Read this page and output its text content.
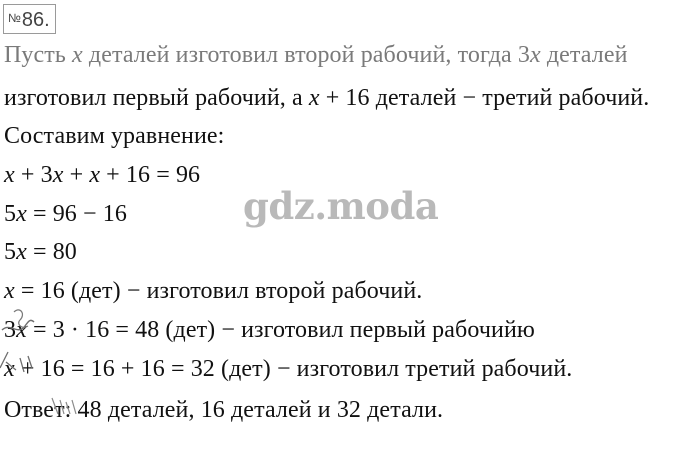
№86.
Пусть x деталей изготовил второй рабочий, тогда 3x деталей
изготовил первый рабочий, а x + 16 деталей − третий рабочий.
Составим уравнение:
x + 3x + x + 16 = 96
5x = 96 − 16
5x = 80
x = 16 (дет) − изготовил второй рабочий.
3x = 3 · 16 = 48 (дет) − изготовил первый рабочийю
x + 16 = 16 + 16 = 32 (дет) − изготовил третий рабочий.
Ответ: 48 деталей, 16 деталей и 32 детали.
gdz.moda
